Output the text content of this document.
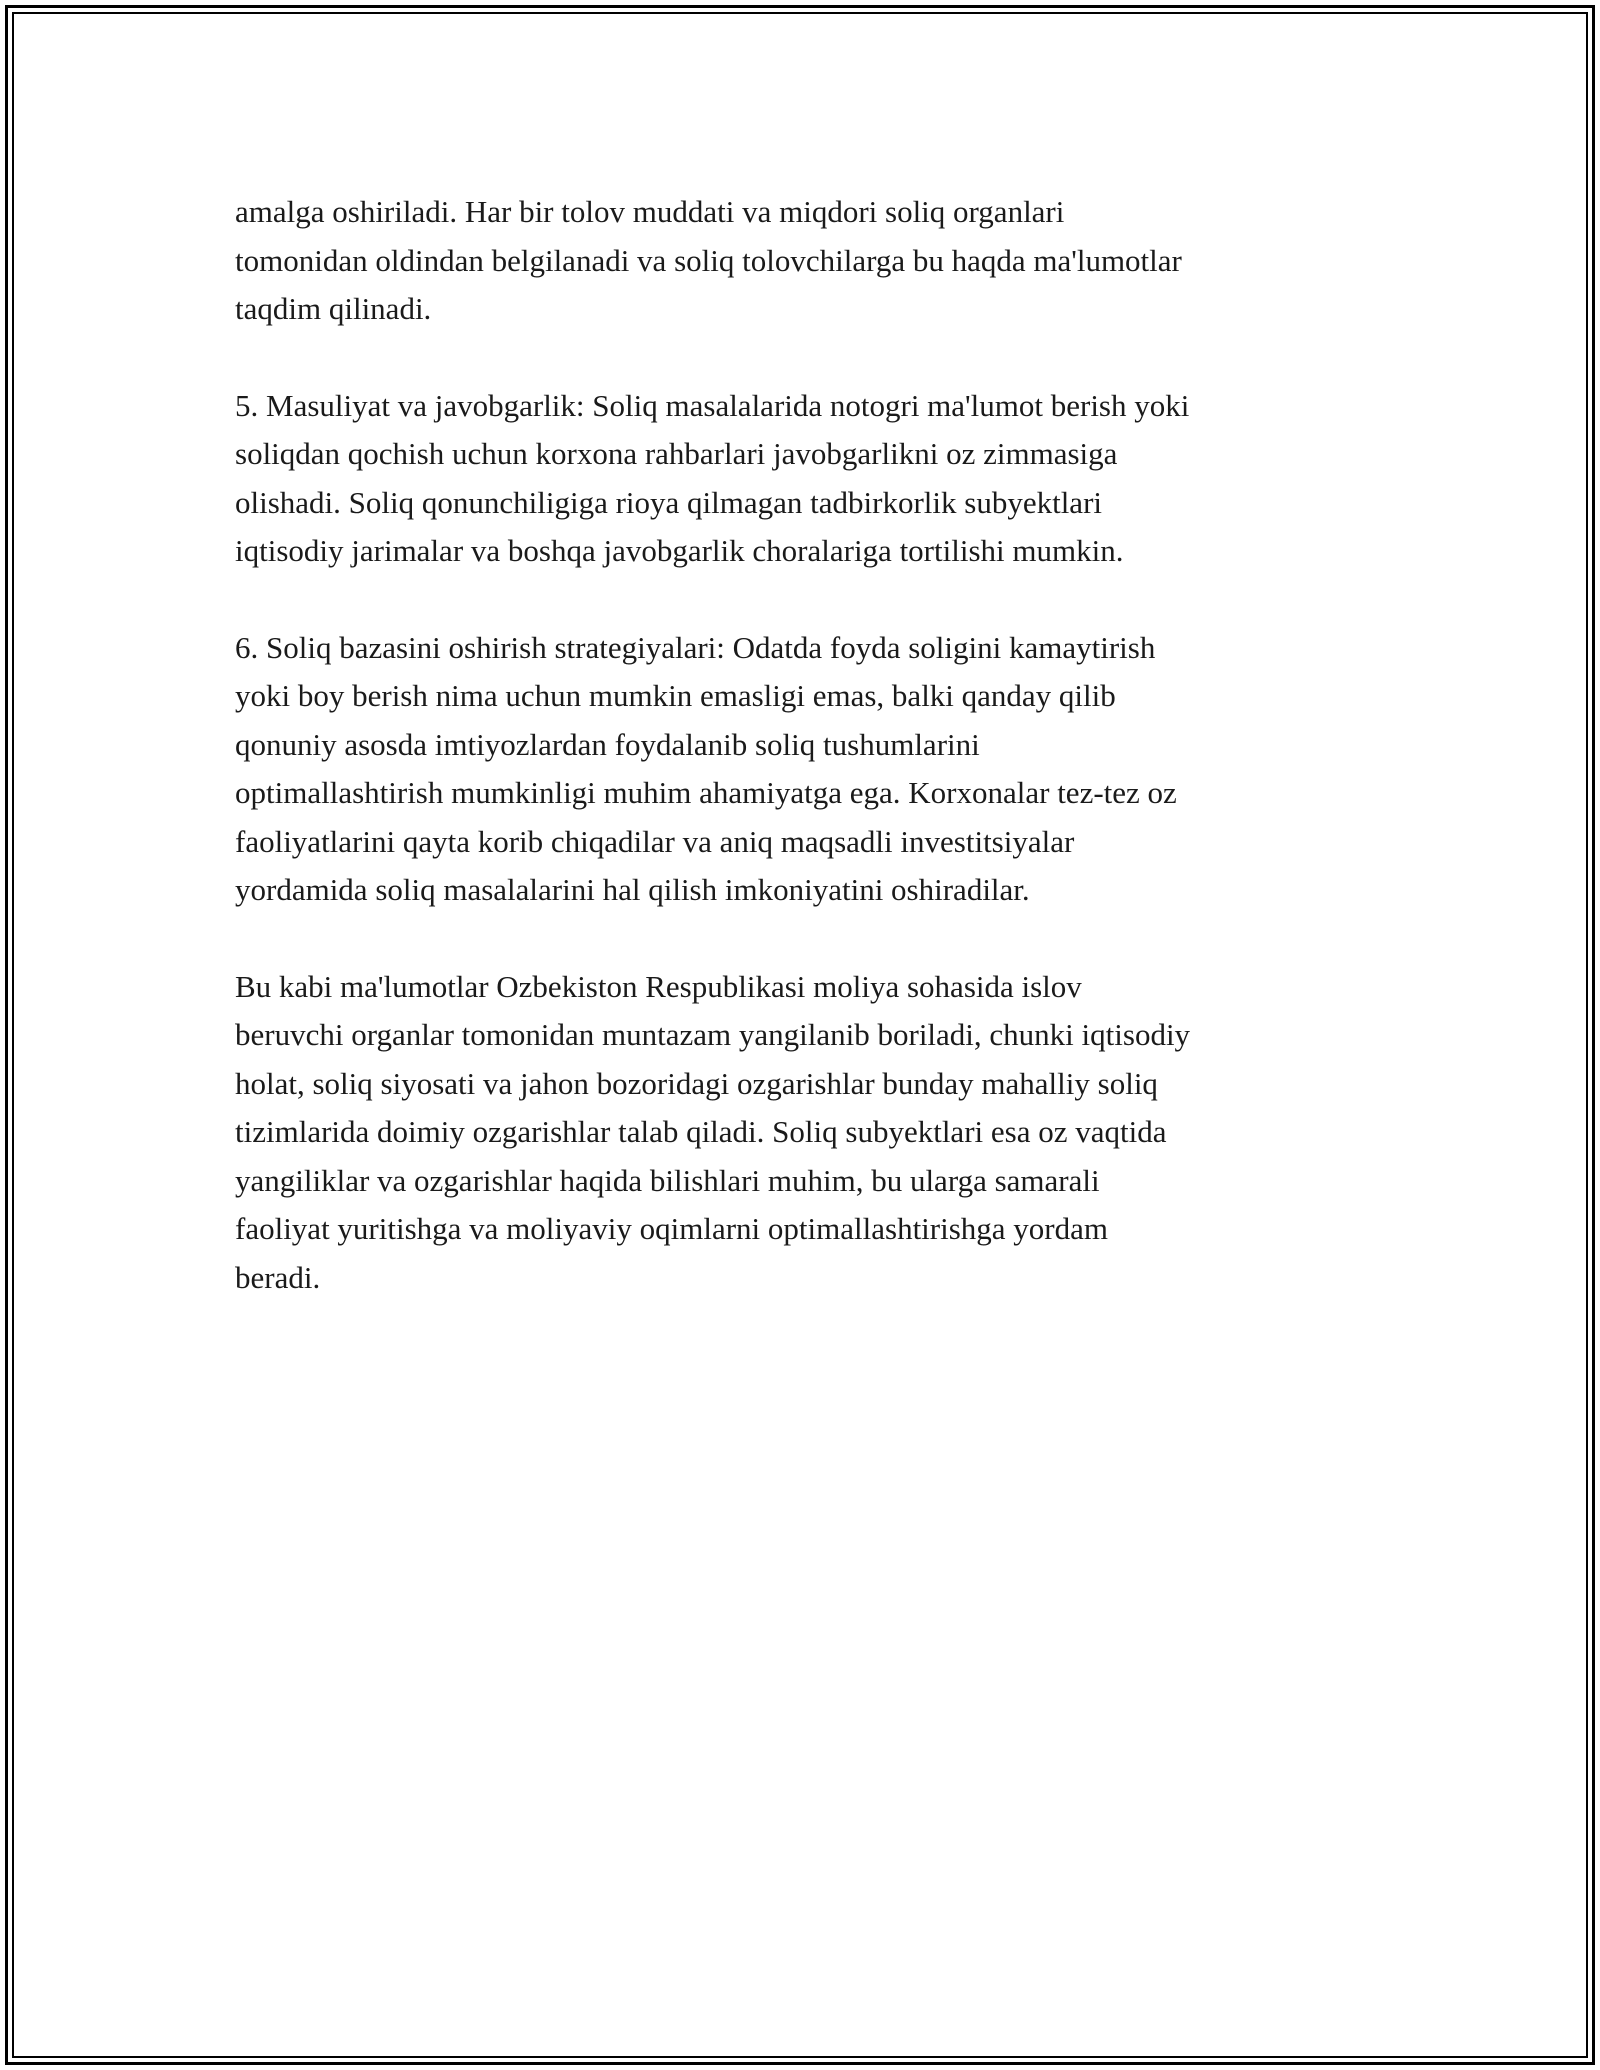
amalga oshiriladi. Har bir tolov muddati va miqdori soliq organlari
tomonidan oldindan belgilanadi va soliq tolovchilarga bu haqda ma'lumotlar
taqdim qilinadi.

5. Masuliyat va javobgarlik: Soliq masalalarida notogri ma'lumot berish yoki
soliqdan qochish uchun korxona rahbarlari javobgarlikni oz zimmasiga
olishadi. Soliq qonunchiligiga rioya qilmagan tadbirkorlik subyektlari
iqtisodiy jarimalar va boshqa javobgarlik choralariga tortilishi mumkin.

6. Soliq bazasini oshirish strategiyalari: Odatda foyda soligini kamaytirish
yoki boy berish nima uchun mumkin emasligi emas, balki qanday qilib
qonuniy asosda imtiyozlardan foydalanib soliq tushumlarini
optimallashtirish mumkinligi muhim ahamiyatga ega. Korxonalar tez-tez oz
faoliyatlarini qayta korib chiqadilar va aniq maqsadli investitsiyalar
yordamida soliq masalalarini hal qilish imkoniyatini oshiradilar.

Bu kabi ma'lumotlar Ozbekiston Respublikasi moliya sohasida islov
beruvchi organlar tomonidan muntazam yangilanib boriladi, chunki iqtisodiy
holat, soliq siyosati va jahon bozoridagi ozgarishlar bunday mahalliy soliq
tizimlarida doimiy ozgarishlar talab qiladi. Soliq subyektlari esa oz vaqtida
yangiliklar va ozgarishlar haqida bilishlari muhim, bu ularga samarali
faoliyat yuritishga va moliyaviy oqimlarni optimallashtirishga yordam
beradi.
